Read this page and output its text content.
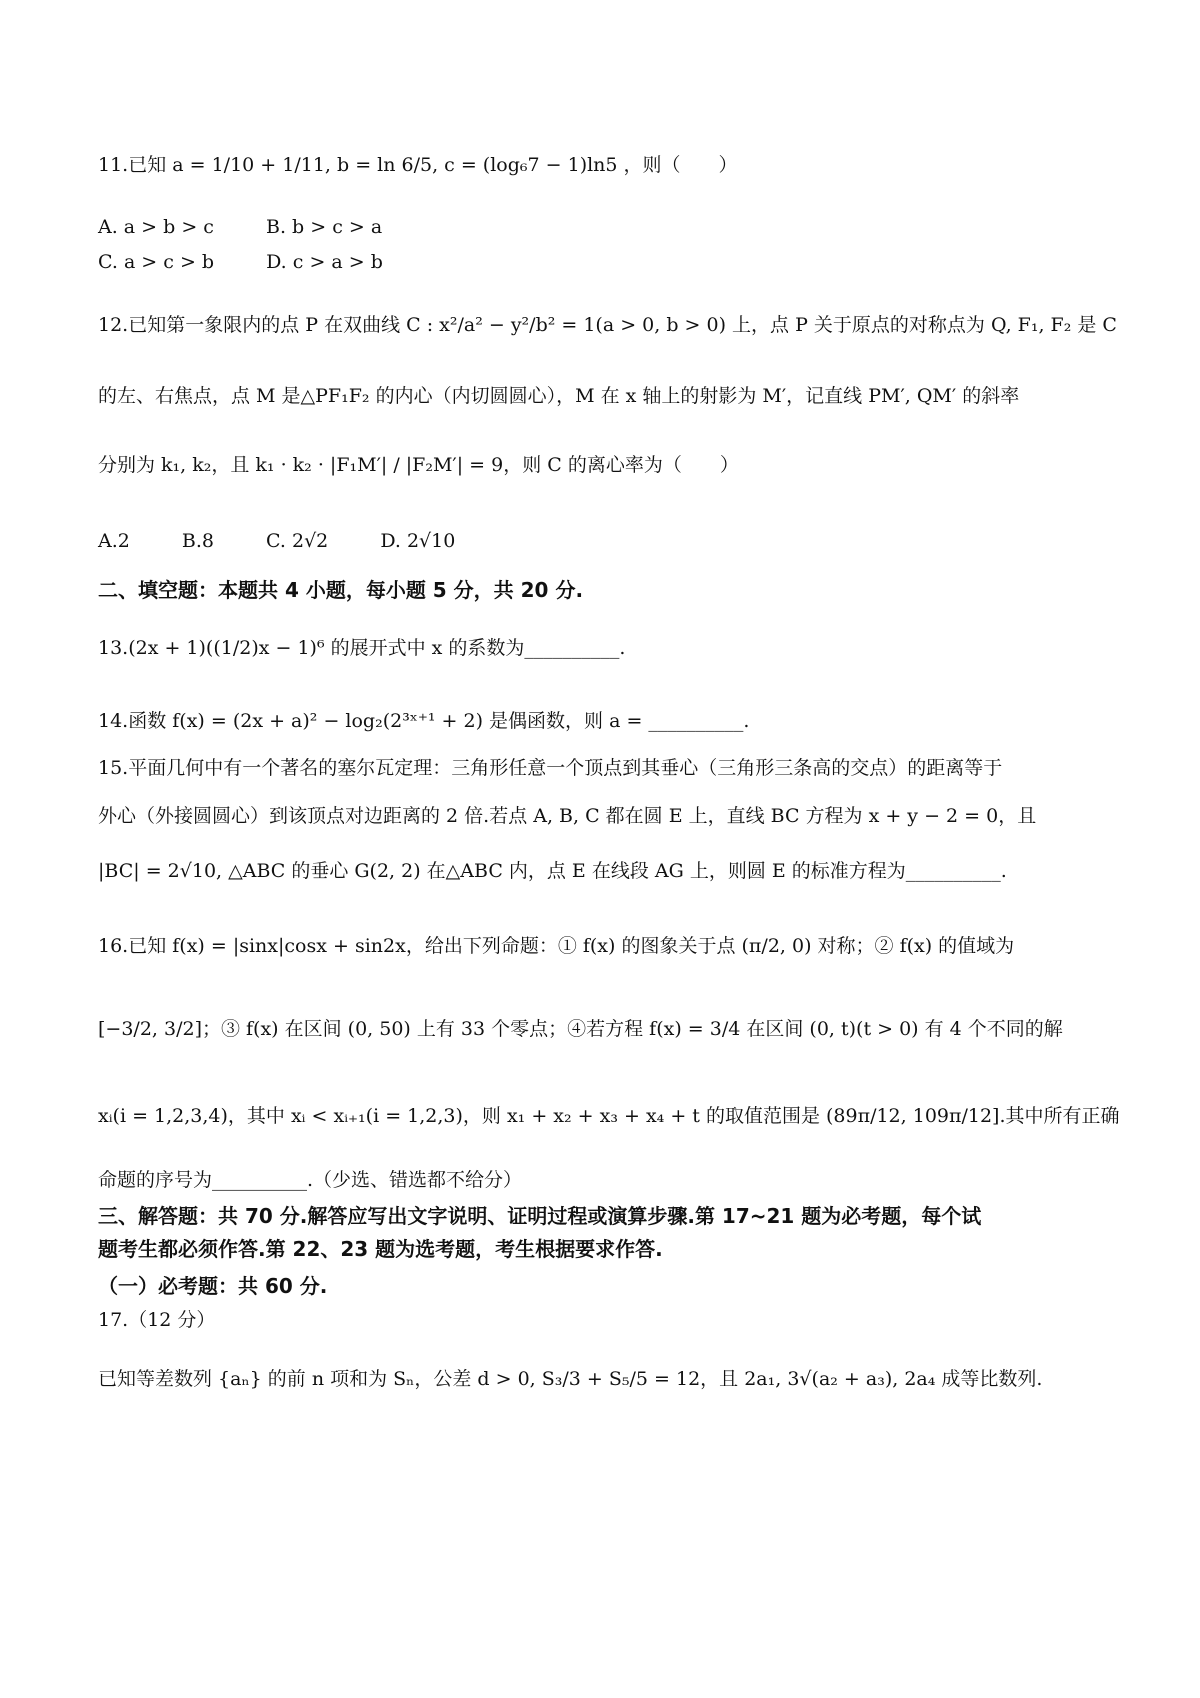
11.已知 a = 1/10 + 1/11, b = ln 6/5, c = (log₆7 − 1)ln5 ，则（　　）
A. a > b > c	B. b > c > a
C. a > c > b	D. c > a > b
12.已知第一象限内的点 P 在双曲线 C : x²/a² − y²/b² = 1(a > 0, b > 0) 上，点 P 关于原点的对称点为 Q, F₁, F₂ 是 C
的左、右焦点，点 M 是△PF₁F₂ 的内心（内切圆圆心），M 在 x 轴上的射影为 M′，记直线 PM′, QM′ 的斜率
分别为 k₁, k₂，且 k₁ · k₂ · |F₁M′| / |F₂M′| = 9，则 C 的离心率为（　　）
A.2	B.8	C. 2√2	D. 2√10
二、填空题：本题共 4 小题，每小题 5 分，共 20 分.
13.(2x + 1)((1/2)x − 1)⁶ 的展开式中 x 的系数为__________.
14.函数 f(x) = (2x + a)² − log₂(2³ˣ⁺¹ + 2) 是偶函数，则 a = __________.
15.平面几何中有一个著名的塞尔瓦定理：三角形任意一个顶点到其垂心（三角形三条高的交点）的距离等于
外心（外接圆圆心）到该顶点对边距离的 2 倍.若点 A, B, C 都在圆 E 上，直线 BC 方程为 x + y − 2 = 0，且
|BC| = 2√10, △ABC 的垂心 G(2, 2) 在△ABC 内，点 E 在线段 AG 上，则圆 E 的标准方程为__________.
16.已知 f(x) = |sinx|cosx + sin2x，给出下列命题：① f(x) 的图象关于点 (π/2, 0) 对称；② f(x) 的值域为
[−3/2, 3/2]；③ f(x) 在区间 (0, 50) 上有 33 个零点；④若方程 f(x) = 3/4 在区间 (0, t)(t > 0) 有 4 个不同的解
xᵢ(i = 1,2,3,4)，其中 xᵢ < xᵢ₊₁(i = 1,2,3)，则 x₁ + x₂ + x₃ + x₄ + t 的取值范围是 (89π/12, 109π/12].其中所有正确
命题的序号为__________.（少选、错选都不给分）
三、解答题：共 70 分.解答应写出文字说明、证明过程或演算步骤.第 17~21 题为必考题，每个试
题考生都必须作答.第 22、23 题为选考题，考生根据要求作答.
（一）必考题：共 60 分.
17.（12 分）
已知等差数列 {aₙ} 的前 n 项和为 Sₙ，公差 d > 0, S₃/3 + S₅/5 = 12，且 2a₁, 3√(a₂ + a₃), 2a₄ 成等比数列.
